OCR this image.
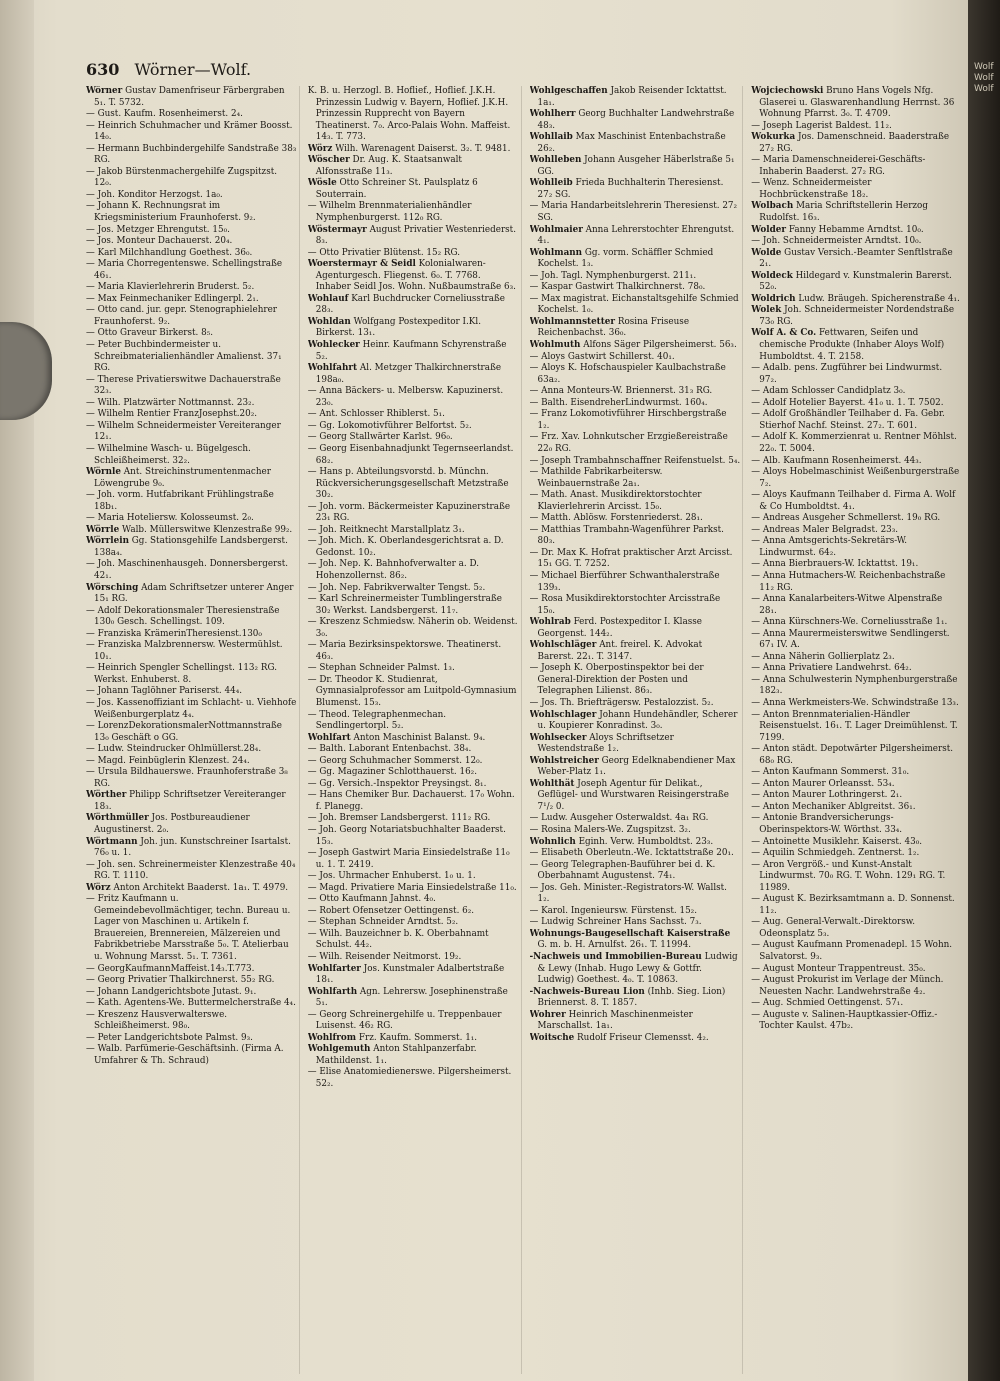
630 Wörner—Wolf.
Wörner Gustav Damenfriseur Färbergraben 5₁. T. 5732.
— Gust. Kaufm. Rosenheimerst. 2₄.
— Heinrich Schuhmacher und Krämer Boosst. 14₀.
— Hermann Buchbindergehilfe Sandstraße 38₃ RG.
— Jakob Bürstenmachergehilfe Zugspitzst. 12₀.
— Joh. Konditor Herzogst. 1a₀.
— Johann K. Rechnungsrat im Kriegsministerium Fraunhoferst. 9₂.
— Jos. Metzger Ehrengutst. 15₀.
— Jos. Monteur Dachauerst. 20₄.
— Karl Milchhandlung Goethest. 36₀.
— Maria Chorregentenswe. Schellingstraße 46₁.
— Maria Klavierlehrerin Bruderst. 5₂.
— Max Feinmechaniker Edlingerpl. 2₁.
— Otto cand. jur. gepr. Stenographielehrer Fraunhoferst. 9₂.
— Otto Graveur Birkerst. 8₅.
— Peter Buchbindermeister u. Schreibmaterialienhändler Amalienst. 37₁ RG.
— Therese Privatierswitwe Dachauerstraße 32₃.
— Wilh. Platzwärter Nottmannst. 23₂.
— Wilhelm Rentier FranzJosephst.20₂.
— Wilhelm Schneidermeister Vereiteranger 12₁.
— Wilhelmine Wasch- u. Bügelgesch. Schleißheimerst. 32₂.
Wörnle Ant. Streichinstrumentenmacher Löwengrube 9₀.
— Joh. vorm. Hutfabrikant Frühlingstraße 18b₁.
— Maria Hoteliersw. Kolosseumst. 2₀.
Wörrle Walb. Müllerswitwe Klenzestraße 99₂.
Wörrlein Gg. Stationsgehilfe Landsbergerst. 138a₄.
— Joh. Maschinenhausgeh. Donnersbergerst. 42₁.
Wörsching Adam Schriftsetzer unterer Anger 15₁ RG.
— Adolf Dekorationsmaler Theresienstraße 130₀ Gesch. Schellingst. 109.
— Franziska KrämerinTheresienst.130₀
— Franziska Malzbrennersw. Westermühlst. 10₁.
— Heinrich Spengler Schellingst. 113₂ RG. Werkst. Enhuberst. 8.
— Johann Taglöhner Pariserst. 44₄.
— Jos. Kassenoffiziant im Schlacht- u. Viehhofe Weißenburgerplatz 4₄.
— LorenzDekorationsmalerNottmannstraße 13₀ Geschäft o GG.
— Ludw. Steindrucker Ohlmüllerst.28₄.
— Magd. Feinbüglerin Klenzest. 24₄.
— Ursula Bildhauerswe. Fraunhoferstraße 3₈ RG.
Wörther Philipp Schriftsetzer Vereiteranger 18₃.
Wörthmüller Jos. Postbureaudiener Augustinerst. 2₀.
Wörtmann Joh. jun. Kunstschreiner Isartalst. 76₀ u. 1.
— Joh. sen. Schreinermeister Klenzestraße 40₄ RG. T. 1110.
Wörz Anton Architekt Baaderst. 1a₁. T. 4979.
— Fritz Kaufmann u. Gemeindebevollmächtiger, techn. Bureau u. Lager von Maschinen u. Artikeln f. Brauereien, Brennereien, Mälzereien und Fabrikbetriebe Marsstraße 5₀. T. Atelierbau u. Wohnung Marsst. 5₁. T. 7361.
— GeorgKaufmannMaffeist.14₃.T.773.
— Georg Privatier Thalkirchnerst. 55₂ RG.
— Johann Landgerichtsbote Jutast. 9₁.
— Kath. Agentens-We. Buttermelcherstraße 4₄.
— Kreszenz Hausverwalterswe. Schleißheimerst. 98₀.
— Peter Landgerichtsbote Palmst. 9₃.
— Walb. Parfümerie-Geschäftsinh. (Firma A. Umfahrer & Th. Schraud)
K. B. u. Herzogl. B. Hoflief., Hoflief. J.K.H. Prinzessin Ludwig v. Bayern, Hoflief. J.K.H. Prinzessin Rupprecht von Bayern Theatinerst. 7₀. Arco-Palais Wohn. Maffeist. 14₃. T. 773.
Wörz Wilh. Warenagent Daiserst. 3₂. T. 9481.
Wöscher Dr. Aug. K. Staatsanwalt Alfonsstraße 11₃.
Wösle Otto Schreiner St. Paulsplatz 6 Souterrain.
— Wilhelm Brennmaterialienhändler Nymphenburgerst. 112₀ RG.
Wöstermayr August Privatier Westenriederst. 8₃.
— Otto Privatier Blütenst. 15₂ RG.
Woerstermayr & Seidl Kolonialwaren-Agenturgesch. Fliegenst. 6₀. T. 7768. Inhaber Seidl Jos. Wohn. Nußbaumstraße 6₃.
Wohlauf Karl Buchdrucker Corneliusstraße 28₃.
Wohldan Wolfgang Postexpeditor I.Kl. Birkerst. 13₁.
Wohlecker Heinr. Kaufmann Schyrenstraße 5₂.
Wohlfahrt Al. Metzger Thalkirchnerstraße 198a₀.
— Anna Bäckers- u. Melbersw. Kapuzinerst. 23₀.
— Ant. Schlosser Rhiblerst. 5₁.
— Gg. Lokomotivführer Belfortst. 5₂.
— Georg Stallwärter Karlst. 96₀.
— Georg Eisenbahnadjunkt Tegernseerlandst. 68₂.
— Hans p. Abteilungsvorstd. b. Münchn. Rückversicherungsgesellschaft Metzstraße 30₂.
— Joh. vorm. Bäckermeister Kapuzinerstraße 23₁ RG.
— Joh. Reitknecht Marstallplatz 3₁.
— Joh. Mich. K. Oberlandesgerichtsrat a. D. Gedonst. 10₂.
— Joh. Nep. K. Bahnhofverwalter a. D. Hohenzollernst. 86₂.
— Joh. Nep. Fabrikverwalter Tengst. 5₂.
— Karl Schreinermeister Tumblingerstraße 30₂ Werkst. Landsbergerst. 11₇.
— Kreszenz Schmiedsw. Näherin ob. Weidenst. 3₀.
— Maria Bezirksinspektorswe. Theatinerst. 46₃.
— Stephan Schneider Palmst. 1₃.
— Dr. Theodor K. Studienrat, Gymnasialprofessor am Luitpold-Gymnasium Blumenst. 15₃.
— Theod. Telegraphenmechan. Sendlingertorpl. 5₂.
Wohlfart Anton Maschinist Balanst. 9₄.
— Balth. Laborant Entenbachst. 38₄.
— Georg Schuhmacher Sommerst. 12₀.
— Gg. Magaziner Schlotthauerst. 16₂.
— Gg. Versich.-Inspektor Preysingst. 8₁.
— Hans Chemiker Bur. Dachauerst. 17₀ Wohn. f. Planegg.
— Joh. Bremser Landsbergerst. 111₂ RG.
— Joh. Georg Notariatsbuchhalter Baaderst. 15₃.
— Joseph Gastwirt Maria Einsiedelstraße 11₀ u. 1. T. 2419.
— Jos. Uhrmacher Enhuberst. 1₀ u. 1.
— Magd. Privatiere Maria Einsiedelstraße 11₀.
— Otto Kaufmann Jahnst. 4₀.
— Robert Ofensetzer Oettingenst. 6₂.
— Stephan Schneider Arndtst. 5₂.
— Wilh. Bauzeichner b. K. Oberbahnamt Schulst. 44₂.
— Wilh. Reisender Neitmorst. 19₂.
Wohlfarter Jos. Kunstmaler Adalbertstraße 18₁.
Wohlfarth Agn. Lehrersw. Josephinenstraße 5₁.
— Georg Schreinergehilfe u. Treppenbauer Luisenst. 46₂ RG.
Wohlfrom Frz. Kaufm. Sommerst. 1₁.
Wohlgemuth Anton Stahlpanzerfabr. Mathildenst. 1₁.
— Elise Anatomiedienerswe. Pilgersheimerst. 52₂.
Wohlgeschaffen Jakob Reisender Icktattst. 1a₁.
Wohlherr Georg Buchhalter Landwehrstraße 48₃.
Wohllaib Max Maschinist Entenbachstraße 26₂.
Wohlleben Johann Ausgeher Häberlstraße 5₁ GG.
Wohlleib Frieda Buchhalterin Theresienst. 27₂ SG.
— Maria Handarbeitslehrerin Theresienst. 27₂ SG.
Wohlmaier Anna Lehrerstochter Ehrengutst. 4₁.
Wohlmann Gg. vorm. Schäffler Schmied Kochelst. 1₃.
— Joh. Tagl. Nymphenburgerst. 211₁.
— Kaspar Gastwirt Thalkirchnerst. 78₀.
— Max magistrat. Eichanstaltsgehilfe Schmied Kochelst. 1₀.
Wohlmannstetter Rosina Friseuse Reichenbachst. 36₀.
Wohlmuth Alfons Säger Pilgersheimerst. 56₃.
— Aloys Gastwirt Schillerst. 40₁.
— Aloys K. Hofschauspieler Kaulbachstraße 63a₂.
— Anna Monteurs-W. Briennerst. 31₃ RG.
— Balth. EisendreherLindwurmst. 160₄.
— Franz Lokomotivführer Hirschbergstraße 1₂.
— Frz. Xav. Lohnkutscher Erzgießereistraße 22₀ RG.
— Joseph Trambahnschaffner Reifenstuelst. 5₄.
— Mathilde Fabrikarbeitersw. Weinbauernstraße 2a₁.
— Math. Anast. Musikdirektorstochter Klavierlehrerin Arcisst. 15₀.
— Matth. Ablösw. Forstenriederst. 28₁.
— Matthias Trambahn-Wagenführer Parkst. 80₃.
— Dr. Max K. Hofrat praktischer Arzt Arcisst. 15₁ GG. T. 7252.
— Michael Bierführer Schwanthalerstraße 139₃.
— Rosa Musikdirektorstochter Arcisstraße 15₀.
Wohlrab Ferd. Postexpeditor I. Klasse Georgenst. 144₂.
Wohlschläger Ant. freirel. K. Advokat Barerst. 22₁. T. 3147.
— Joseph K. Oberpostinspektor bei der General-Direktion der Posten und Telegraphen Lilienst. 86₃.
— Jos. Th. Briefträgersw. Pestalozzist. 5₂.
Wohlschlager Johann Hundehändler, Scherer u. Koupierer Konradinst. 3₀.
Wohlsecker Aloys Schriftsetzer Westendstraße 1₂.
Wohlstreicher Georg Edelknabendiener Max Weber-Platz 1₁.
Wohlthät Joseph Agentur für Delikat., Geflügel- und Wurstwaren Reisingerstraße 7¹/₂ 0.
— Ludw. Ausgeher Osterwaldst. 4a₁ RG.
— Rosina Malers-We. Zugspitzst. 3₂.
Wohnlich Eginh. Verw. Humboldtst. 23₃.
— Elisabeth Oberleutn.-We. Icktattstraße 20₁.
— Georg Telegraphen-Bauführer bei d. K. Oberbahnamt Augustenst. 74₁.
— Jos. Geh. Minister.-Registrators-W. Wallst. 1₂.
— Karol. Ingenieursw. Fürstenst. 15₂.
— Ludwig Schreiner Hans Sachsst. 7₃.
Wohnungs-Baugesellschaft Kaiserstraße G. m. b. H. Arnulfst. 26₁. T. 11994.
-Nachweis und Immobilien-Bureau Ludwig & Lewy (Inhab. Hugo Lewy & Gottfr. Ludwig) Goethest. 4₀. T. 10863.
-Nachweis-Bureau Lion (Inhb. Sieg. Lion) Briennerst. 8. T. 1857.
Wohrer Heinrich Maschinenmeister Marschallst. 1a₁.
Woitsche Rudolf Friseur Clemensst. 4₂.
Wojciechowski Bruno Hans Vogels Nfg. Glaserei u. Glaswarenhandlung Herrnst. 36 Wohnung Pfarrst. 3₀. T. 4709.
— Joseph Lagerist Baldest. 11₂.
Wokurka Jos. Damenschneid. Baaderstraße 27₂ RG.
— Maria Damenschneiderei-Geschäfts-Inhaberin Baaderst. 27₂ RG.
— Wenz. Schneidermeister Hochbrückenstraße 18₂.
Wolbach Maria Schriftstellerin Herzog Rudolfst. 16₃.
Wolder Fanny Hebamme Arndtst. 10₀.
— Joh. Schneidermeister Arndtst. 10₀.
Wolde Gustav Versich.-Beamter Senftlstraße 2₁.
Woldeck Hildegard v. Kunstmalerin Barerst. 52₀.
Woldrich Ludw. Bräugeh. Spicherenstraße 4₁.
Wolek Joh. Schneidermeister Nordendstraße 73₀ RG.
Wolf A. & Co. Fettwaren, Seifen und chemische Produkte (Inhaber Aloys Wolf) Humboldtst. 4. T. 2158.
— Adalb. pens. Zugführer bei Lindwurmst. 97₂.
— Adam Schlosser Candidplatz 3₀.
— Adolf Hotelier Bayerst. 41₀ u. 1. T. 7502.
— Adolf Großhändler Teilhaber d. Fa. Gebr. Stierhof Nachf. Steinst. 27₂. T. 601.
— Adolf K. Kommerzienrat u. Rentner Möhlst. 22₀. T. 5004.
— Alb. Kaufmann Rosenheimerst. 44₃.
— Aloys Hobelmaschinist Weißenburgerstraße 7₂.
— Aloys Kaufmann Teilhaber d. Firma A. Wolf & Co Humboldtst. 4₁.
— Andreas Ausgeher Schmellerst. 19₀ RG.
— Andreas Maler Belgradst. 23₃.
— Anna Amtsgerichts-Sekretärs-W. Lindwurmst. 64₂.
— Anna Bierbrauers-W. Icktattst. 19₁.
— Anna Hutmachers-W. Reichenbachstraße 11₂ RG.
— Anna Kanalarbeiters-Witwe Alpenstraße 28₁.
— Anna Kürschners-We. Corneliusstraße 1₁.
— Anna Maurermeisterswitwe Sendlingerst. 67₁ IV. A.
— Anna Näherin Gollierplatz 2₃.
— Anna Privatiere Landwehrst. 64₂.
— Anna Schulwesterin Nymphenburgerstraße 182₃.
— Anna Werkmeisters-We. Schwindstraße 13₃.
— Anton Brennmaterialien-Händler Reisenstuelst. 16₁. T. Lager Dreimühlenst. T. 7199.
— Anton städt. Depotwärter Pilgersheimerst. 68₀ RG.
— Anton Kaufmann Sommerst. 31₀.
— Anton Maurer Orleansst. 53₄.
— Anton Maurer Lothringerst. 2₁.
— Anton Mechaniker Ablgreitst. 36₁.
— Antonie Brandversicherungs-Oberinspektors-W. Wörthst. 33₄.
— Antoinette Musiklehr. Kaiserst. 43₀.
— Aquilin Schmiedgeh. Zentnerst. 1₂.
— Aron Vergröß.- und Kunst-Anstalt Lindwurmst. 70₀ RG. T. Wohn. 129₁ RG. T. 11989.
— August K. Bezirksamtmann a. D. Sonnenst. 11₂.
— Aug. General-Verwalt.-Direktorsw. Odeonsplatz 5₃.
— August Kaufmann Promenadepl. 15 Wohn. Salvatorst. 9₃.
— August Monteur Trappentreust. 35₀.
— August Prokurist im Verlage der Münch. Neuesten Nachr. Landwehrstraße 4₂.
— Aug. Schmied Oettingenst. 57₁.
— Auguste v. Salinen-Hauptkassier-Offiz.-Tochter Kaulst. 47b₂.
Wolf Wolf Wolf
